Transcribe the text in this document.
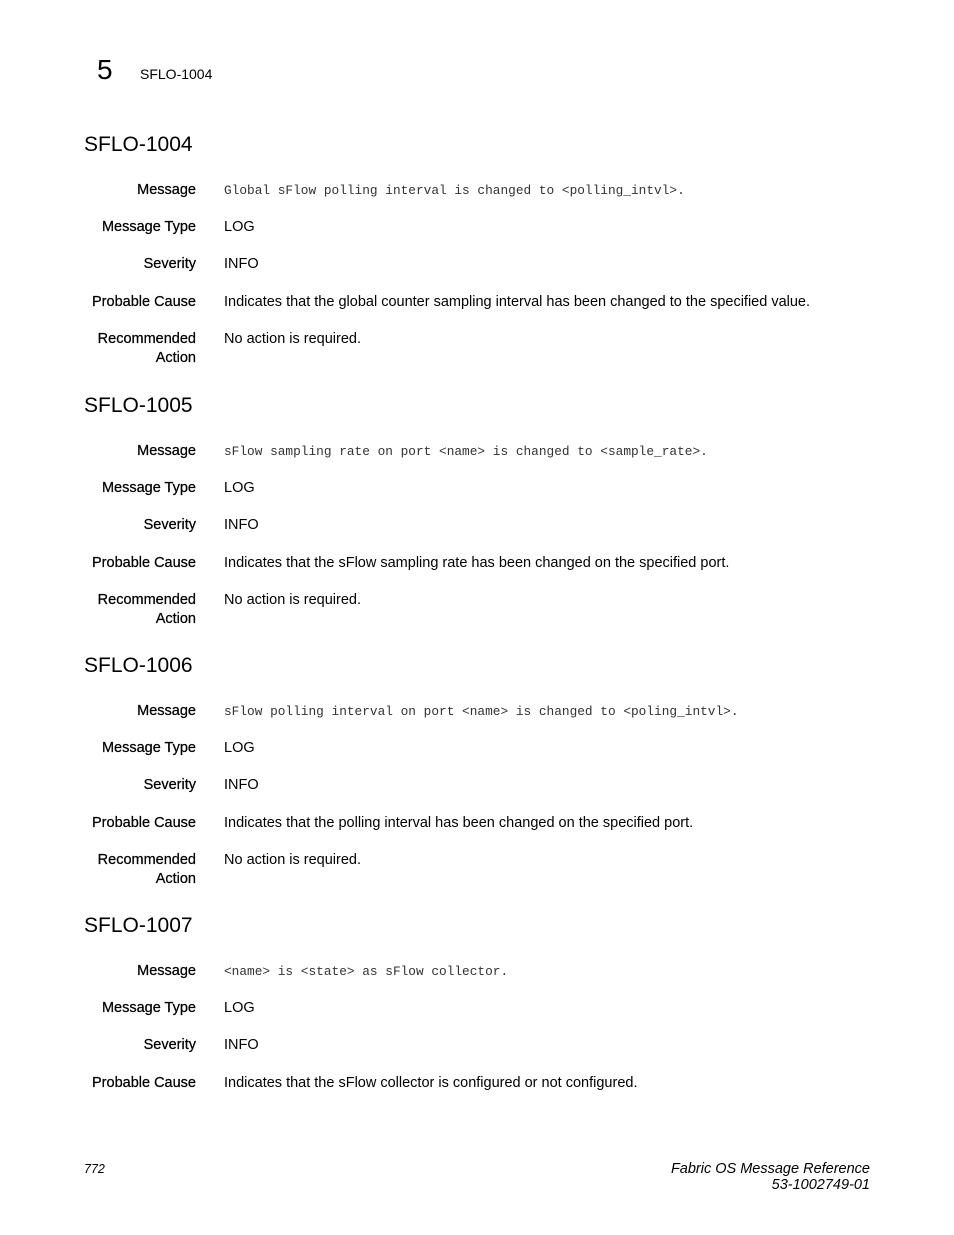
5 SFLO-1004
SFLO-1004
Message Global sFlow polling interval is changed to <polling_intvl>.
Message Type LOG
Severity INFO
Probable Cause Indicates that the global counter sampling interval has been changed to the specified value.
Recommended
Action
No action is required.
SFLO-1005
Message sFlow sampling rate on port <name> is changed to <sample_rate>.
Message Type LOG
Severity INFO
Probable Cause Indicates that the sFlow sampling rate has been changed on the specified port.
Recommended
Action
No action is required.
SFLO-1006
Message sFlow polling interval on port <name> is changed to <poling_intvl>.
Message Type LOG
Severity INFO
Probable Cause Indicates that the polling interval has been changed on the specified port.
Recommended
Action
No action is required.
SFLO-1007
Message <name> is <state> as sFlow collector.
Message Type LOG
Severity INFO
Probable Cause Indicates that the sFlow collector is configured or not configured.
772	Fabric OS Message Reference
53-1002749-01
